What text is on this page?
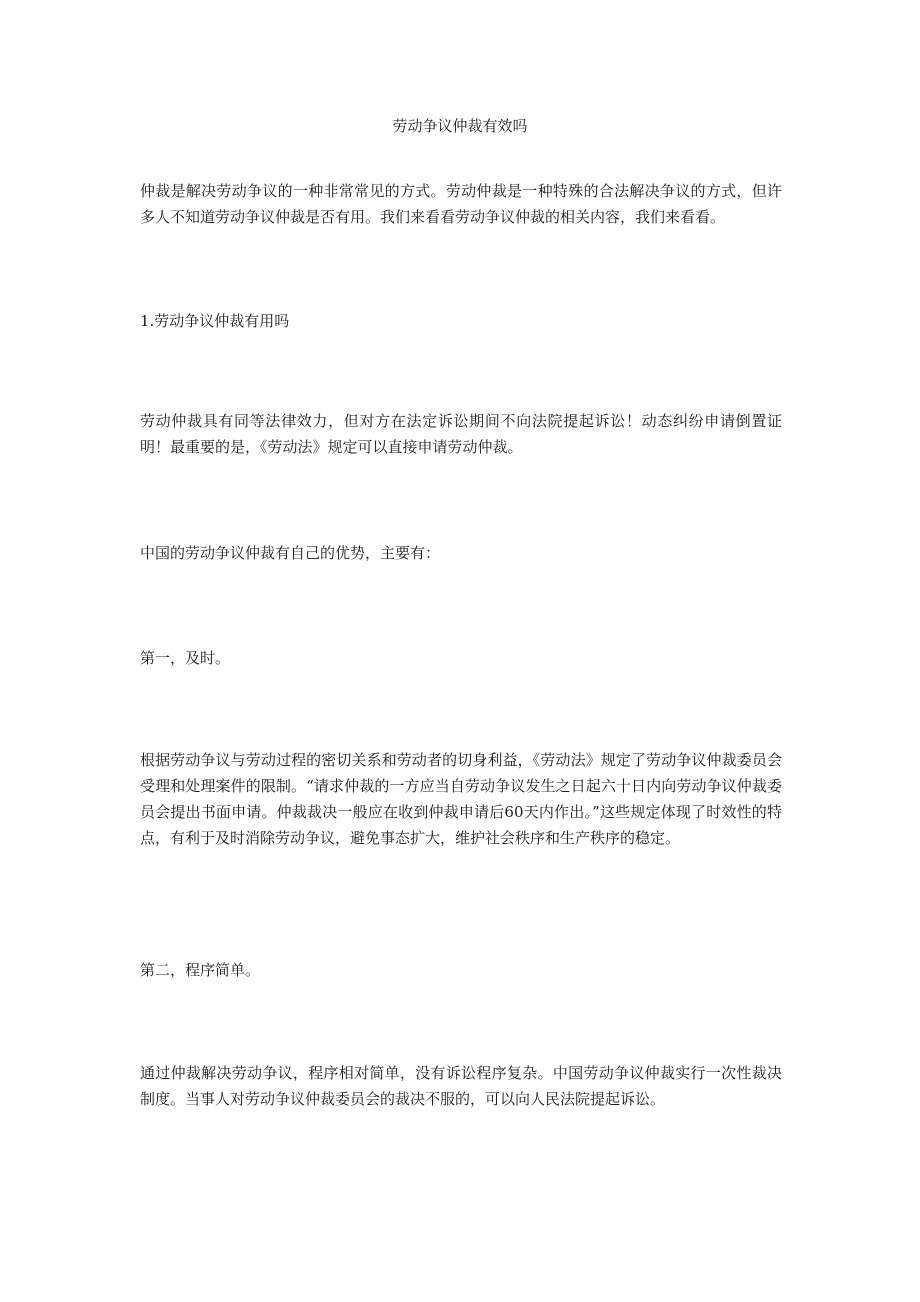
劳动争议仲裁有效吗

仲裁是解决劳动争议的一种非常常见的方式。劳动仲裁是一种特殊的合法解决争议的方式，但许多人不知道劳动争议仲裁是否有用。我们来看看劳动争议仲裁的相关内容，我们来看看。

1.劳动争议仲裁有用吗

劳动仲裁具有同等法律效力，但对方在法定诉讼期间不向法院提起诉讼！动态纠纷申请倒置证明！最重要的是，《劳动法》规定可以直接申请劳动仲裁。

中国的劳动争议仲裁有自己的优势，主要有：

第一，及时。

根据劳动争议与劳动过程的密切关系和劳动者的切身利益，《劳动法》规定了劳动争议仲裁委员会受理和处理案件的限制。“请求仲裁的一方应当自劳动争议发生之日起六十日内向劳动争议仲裁委员会提出书面申请。仲裁裁决一般应在收到仲裁申请后60天内作出。”这些规定体现了时效性的特点，有利于及时消除劳动争议，避免事态扩大，维护社会秩序和生产秩序的稳定。

第二，程序简单。

通过仲裁解决劳动争议，程序相对简单，没有诉讼程序复杂。中国劳动争议仲裁实行一次性裁决制度。当事人对劳动争议仲裁委员会的裁决不服的，可以向人民法院提起诉讼。
